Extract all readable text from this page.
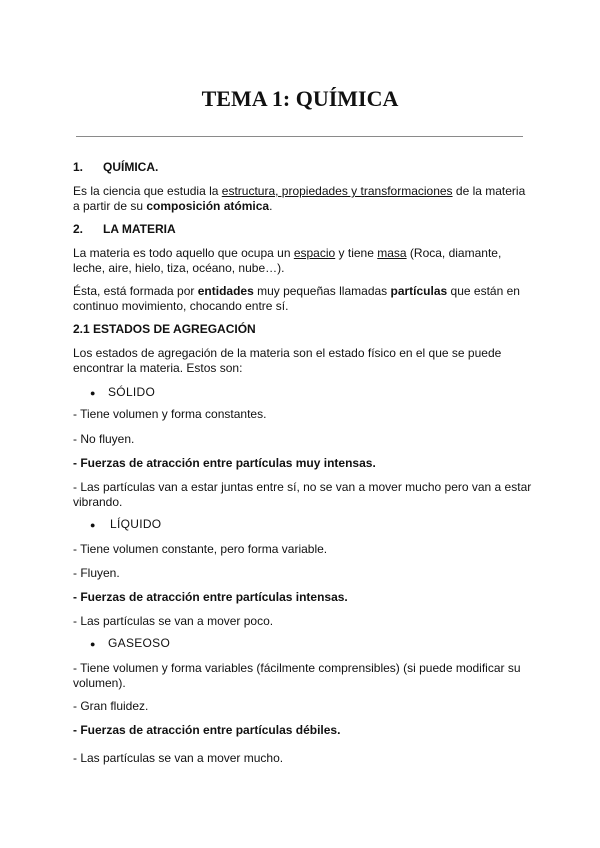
TEMA 1: QUÍMICA
1. QUÍMICA.
Es la ciencia que estudia la estructura, propiedades y transformaciones de la materia a partir de su composición atómica.
2. LA MATERIA
La materia es todo aquello que ocupa un espacio y tiene masa (Roca, diamante, leche, aire, hielo, tiza, océano, nube…).
Ésta, está formada por entidades muy pequeñas llamadas partículas que están en continuo movimiento, chocando entre sí.
2.1 ESTADOS DE AGREGACIÓN
Los estados de agregación de la materia son el estado físico en el que se puede encontrar la materia. Estos son:
● SÓLIDO
- Tiene volumen y forma constantes.
- No fluyen.
- Fuerzas de atracción entre partículas muy intensas.
- Las partículas van a estar juntas entre sí, no se van a mover mucho pero van a estar vibrando.
● LÍQUIDO
- Tiene volumen constante, pero forma variable.
- Fluyen.
- Fuerzas de atracción entre partículas intensas.
- Las partículas se van a mover poco.
● GASEOSO
- Tiene volumen y forma variables (fácilmente comprensibles) (si puede modificar su volumen).
- Gran fluidez.
- Fuerzas de atracción entre partículas débiles.
- Las partículas se van a mover mucho.
